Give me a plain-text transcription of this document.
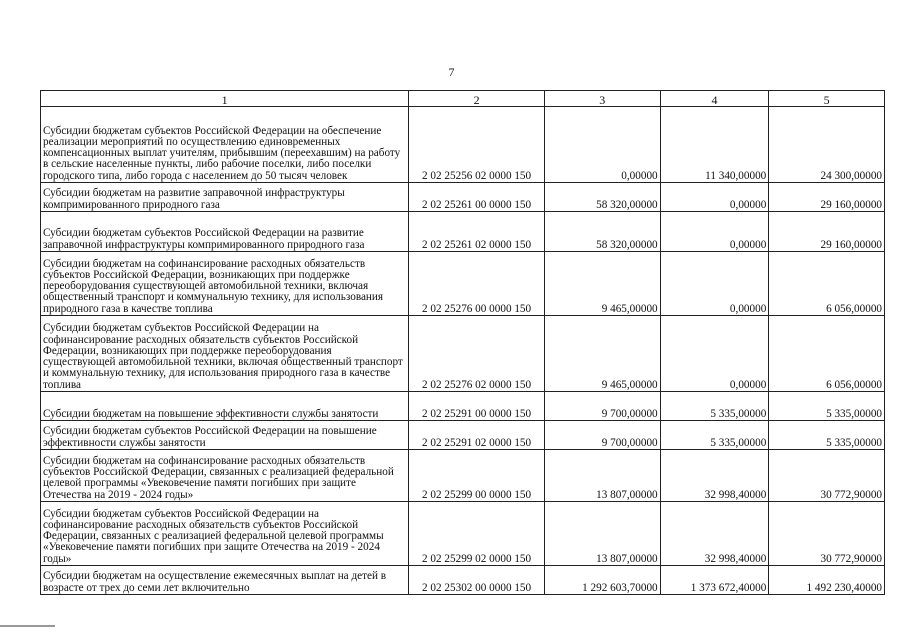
7
1	2	3	4	5
Субсидии бюджетам субъектов Российской Федерации на обеспечение реализации мероприятий по осуществлению единовременных компенсационных выплат учителям, прибывшим (переехавшим) на работу в сельские населенные пункты, либо рабочие поселки, либо поселки городского типа, либо города с населением до 50 тысяч человек	2 02 25256 02 0000 150	0,00000	11 340,00000	24 300,00000
Субсидии бюджетам на развитие заправочной инфраструктуры компримированного природного газа	2 02 25261 00 0000 150	58 320,00000	0,00000	29 160,00000
Субсидии бюджетам субъектов Российской Федерации на развитие заправочной инфраструктуры компримированного природного газа	2 02 25261 02 0000 150	58 320,00000	0,00000	29 160,00000
Субсидии бюджетам на софинансирование расходных обязательств субъектов Российской Федерации, возникающих при поддержке переоборудования существующей автомобильной техники, включая общественный транспорт и коммунальную технику, для использования природного газа в качестве топлива	2 02 25276 00 0000 150	9 465,00000	0,00000	6 056,00000
Субсидии бюджетам субъектов Российской Федерации на софинансирование расходных обязательств субъектов Российской Федерации, возникающих при поддержке переоборудования существующей автомобильной техники, включая общественный транспорт и коммунальную технику, для использования природного газа в качестве топлива	2 02 25276 02 0000 150	9 465,00000	0,00000	6 056,00000
Субсидии бюджетам на повышение эффективности службы занятости	2 02 25291 00 0000 150	9 700,00000	5 335,00000	5 335,00000
Субсидии бюджетам субъектов Российской Федерации на повышение эффективности службы занятости	2 02 25291 02 0000 150	9 700,00000	5 335,00000	5 335,00000
Субсидии бюджетам на софинансирование расходных обязательств субъектов Российской Федерации, связанных с реализацией федеральной целевой программы «Увековечение памяти погибших при защите Отечества на 2019 - 2024 годы»	2 02 25299 00 0000 150	13 807,00000	32 998,40000	30 772,90000
Субсидии бюджетам субъектов Российской Федерации на софинансирование расходных обязательств субъектов Российской Федерации, связанных с реализацией федеральной целевой программы «Увековечение памяти погибших при защите Отечества на 2019 - 2024 годы»	2 02 25299 02 0000 150	13 807,00000	32 998,40000	30 772,90000
Субсидии бюджетам на осуществление ежемесячных выплат на детей в возрасте от трех до семи лет включительно	2 02 25302 00 0000 150	1 292 603,70000	1 373 672,40000	1 492 230,40000
